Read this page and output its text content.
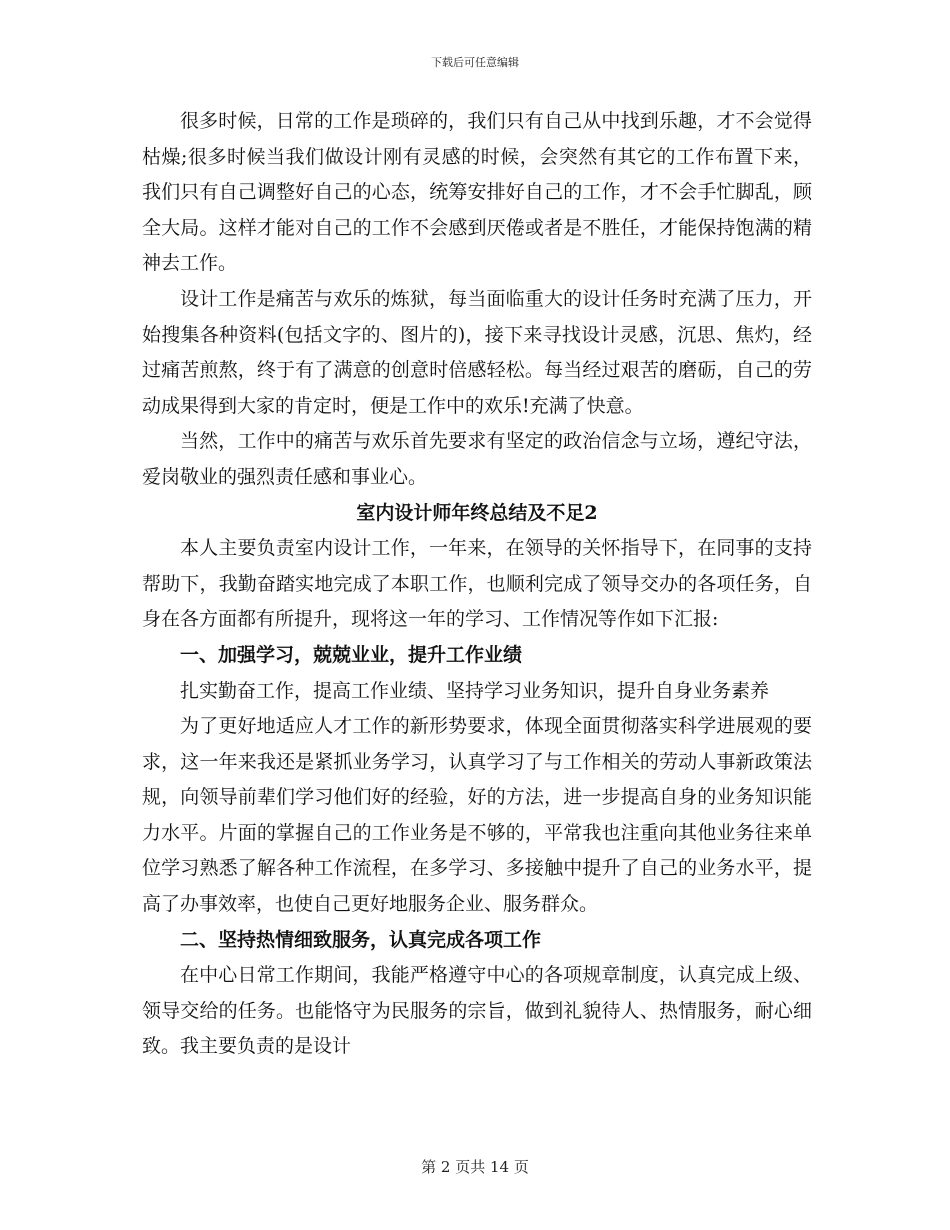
下载后可任意编辑

很多时候，日常的工作是琐碎的，我们只有自己从中找到乐趣，才不会觉得枯燥;很多时候当我们做设计刚有灵感的时候，会突然有其它的工作布置下来，我们只有自己调整好自己的心态，统筹安排好自己的工作，才不会手忙脚乱，顾全大局。这样才能对自己的工作不会感到厌倦或者是不胜任，才能保持饱满的精神去工作。

设计工作是痛苦与欢乐的炼狱，每当面临重大的设计任务时充满了压力，开始搜集各种资料(包括文字的、图片的)，接下来寻找设计灵感，沉思、焦灼，经过痛苦煎熬，终于有了满意的创意时倍感轻松。每当经过艰苦的磨砺，自己的劳动成果得到大家的肯定时，便是工作中的欢乐!充满了快意。

当然，工作中的痛苦与欢乐首先要求有坚定的政治信念与立场，遵纪守法，爱岗敬业的强烈责任感和事业心。

室内设计师年终总结及不足2

本人主要负责室内设计工作，一年来，在领导的关怀指导下，在同事的支持帮助下，我勤奋踏实地完成了本职工作，也顺利完成了领导交办的各项任务，自身在各方面都有所提升，现将这一年的学习、工作情况等作如下汇报:

一、加强学习，兢兢业业，提升工作业绩

扎实勤奋工作，提高工作业绩、坚持学习业务知识，提升自身业务素养

为了更好地适应人才工作的新形势要求，体现全面贯彻落实科学进展观的要求，这一年来我还是紧抓业务学习，认真学习了与工作相关的劳动人事新政策法规，向领导前辈们学习他们好的经验，好的方法，进一步提高自身的业务知识能力水平。片面的掌握自己的工作业务是不够的，平常我也注重向其他业务往来单位学习熟悉了解各种工作流程，在多学习、多接触中提升了自己的业务水平，提高了办事效率，也使自己更好地服务企业、服务群众。

二、坚持热情细致服务，认真完成各项工作

在中心日常工作期间，我能严格遵守中心的各项规章制度，认真完成上级、领导交给的任务。也能恪守为民服务的宗旨，做到礼貌待人、热情服务，耐心细致。我主要负责的是设计

第 2 页共 14 页
